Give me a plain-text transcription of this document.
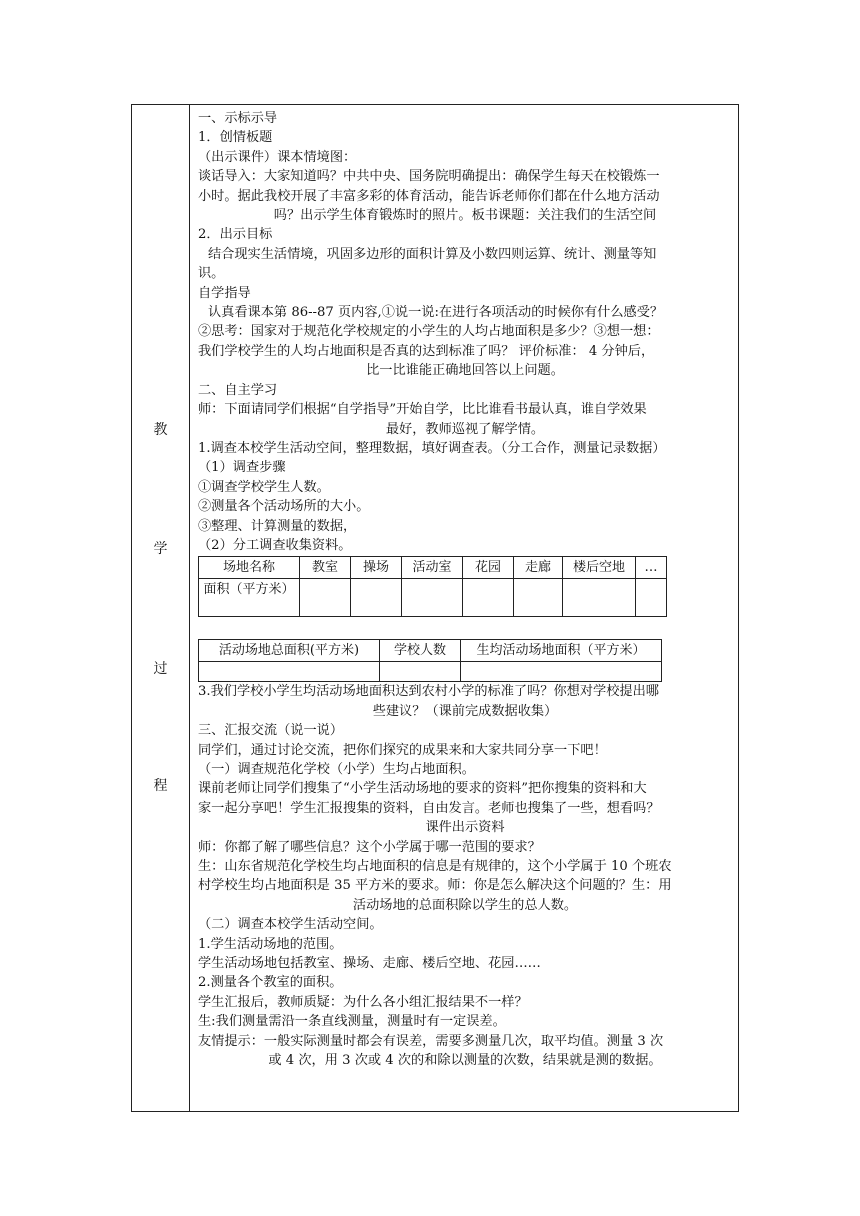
教
学
过
程

一、示标示导

1．创情板题

（出示课件）课本情境图：

谈话导入：大家知道吗？中共中央、国务院明确提出：确保学生每天在校锻炼一

小时。据此我校开展了丰富多彩的体育活动，能告诉老师你们都在什么地方活动

吗？出示学生体育锻炼时的照片。板书课题：关注我们的生活空间

2．出示目标

结合现实生活情境，巩固多边形的面积计算及小数四则运算、统计、测量等知

识。

自学指导

认真看课本第 86--87 页内容,①说一说:在进行各项活动的时候你有什么感受？

②思考：国家对于规范化学校规定的小学生的人均占地面积是多少？③想一想：

我们学校学生的人均占地面积是否真的达到标准了吗？ 评价标准： 4 分钟后，

比一比谁能正确地回答以上问题。

二、自主学习

师：下面请同学们根据“自学指导”开始自学，比比谁看书最认真，谁自学效果

最好，教师巡视了解学情。

1.调查本校学生活动空间，整理数据，填好调查表。（分工合作，测量记录数据）

（1）调查步骤

①调查学校学生人数。

②测量各个活动场所的大小。

③整理、计算测量的数据，

（2）分工调查收集资料。

场地名称	教室	操场	活动室	花园	走廊	楼后空地	…
面积（平方米）							
活动场地总面积(平方米)	学校人数	生均活动场地面积（平方米）

3.我们学校小学生均活动场地面积达到农村小学的标准了吗？你想对学校提出哪

些建议？（课前完成数据收集）

三、汇报交流（说一说）

同学们，通过讨论交流，把你们探究的成果来和大家共同分享一下吧！

（一）调查规范化学校（小学）生均占地面积。

课前老师让同学们搜集了“小学生活动场地的要求的资料”把你搜集的资料和大

家一起分享吧！学生汇报搜集的资料，自由发言。老师也搜集了一些，想看吗？

课件出示资料

师：你都了解了哪些信息？这个小学属于哪一范围的要求？

生：山东省规范化学校生均占地面积的信息是有规律的，这个小学属于 10 个班农

村学校生均占地面积是 35 平方米的要求。师：你是怎么解决这个问题的？生：用

活动场地的总面积除以学生的总人数。

（二）调查本校学生活动空间。

1.学生活动场地的范围。

学生活动场地包括教室、操场、走廊、楼后空地、花园……

2.测量各个教室的面积。

学生汇报后，教师质疑：为什么各小组汇报结果不一样？

生:我们测量需沿一条直线测量，测量时有一定误差。

友情提示：一般实际测量时都会有误差，需要多测量几次，取平均值。测量 3 次

或 4 次，用 3 次或 4 次的和除以测量的次数，结果就是测的数据。
